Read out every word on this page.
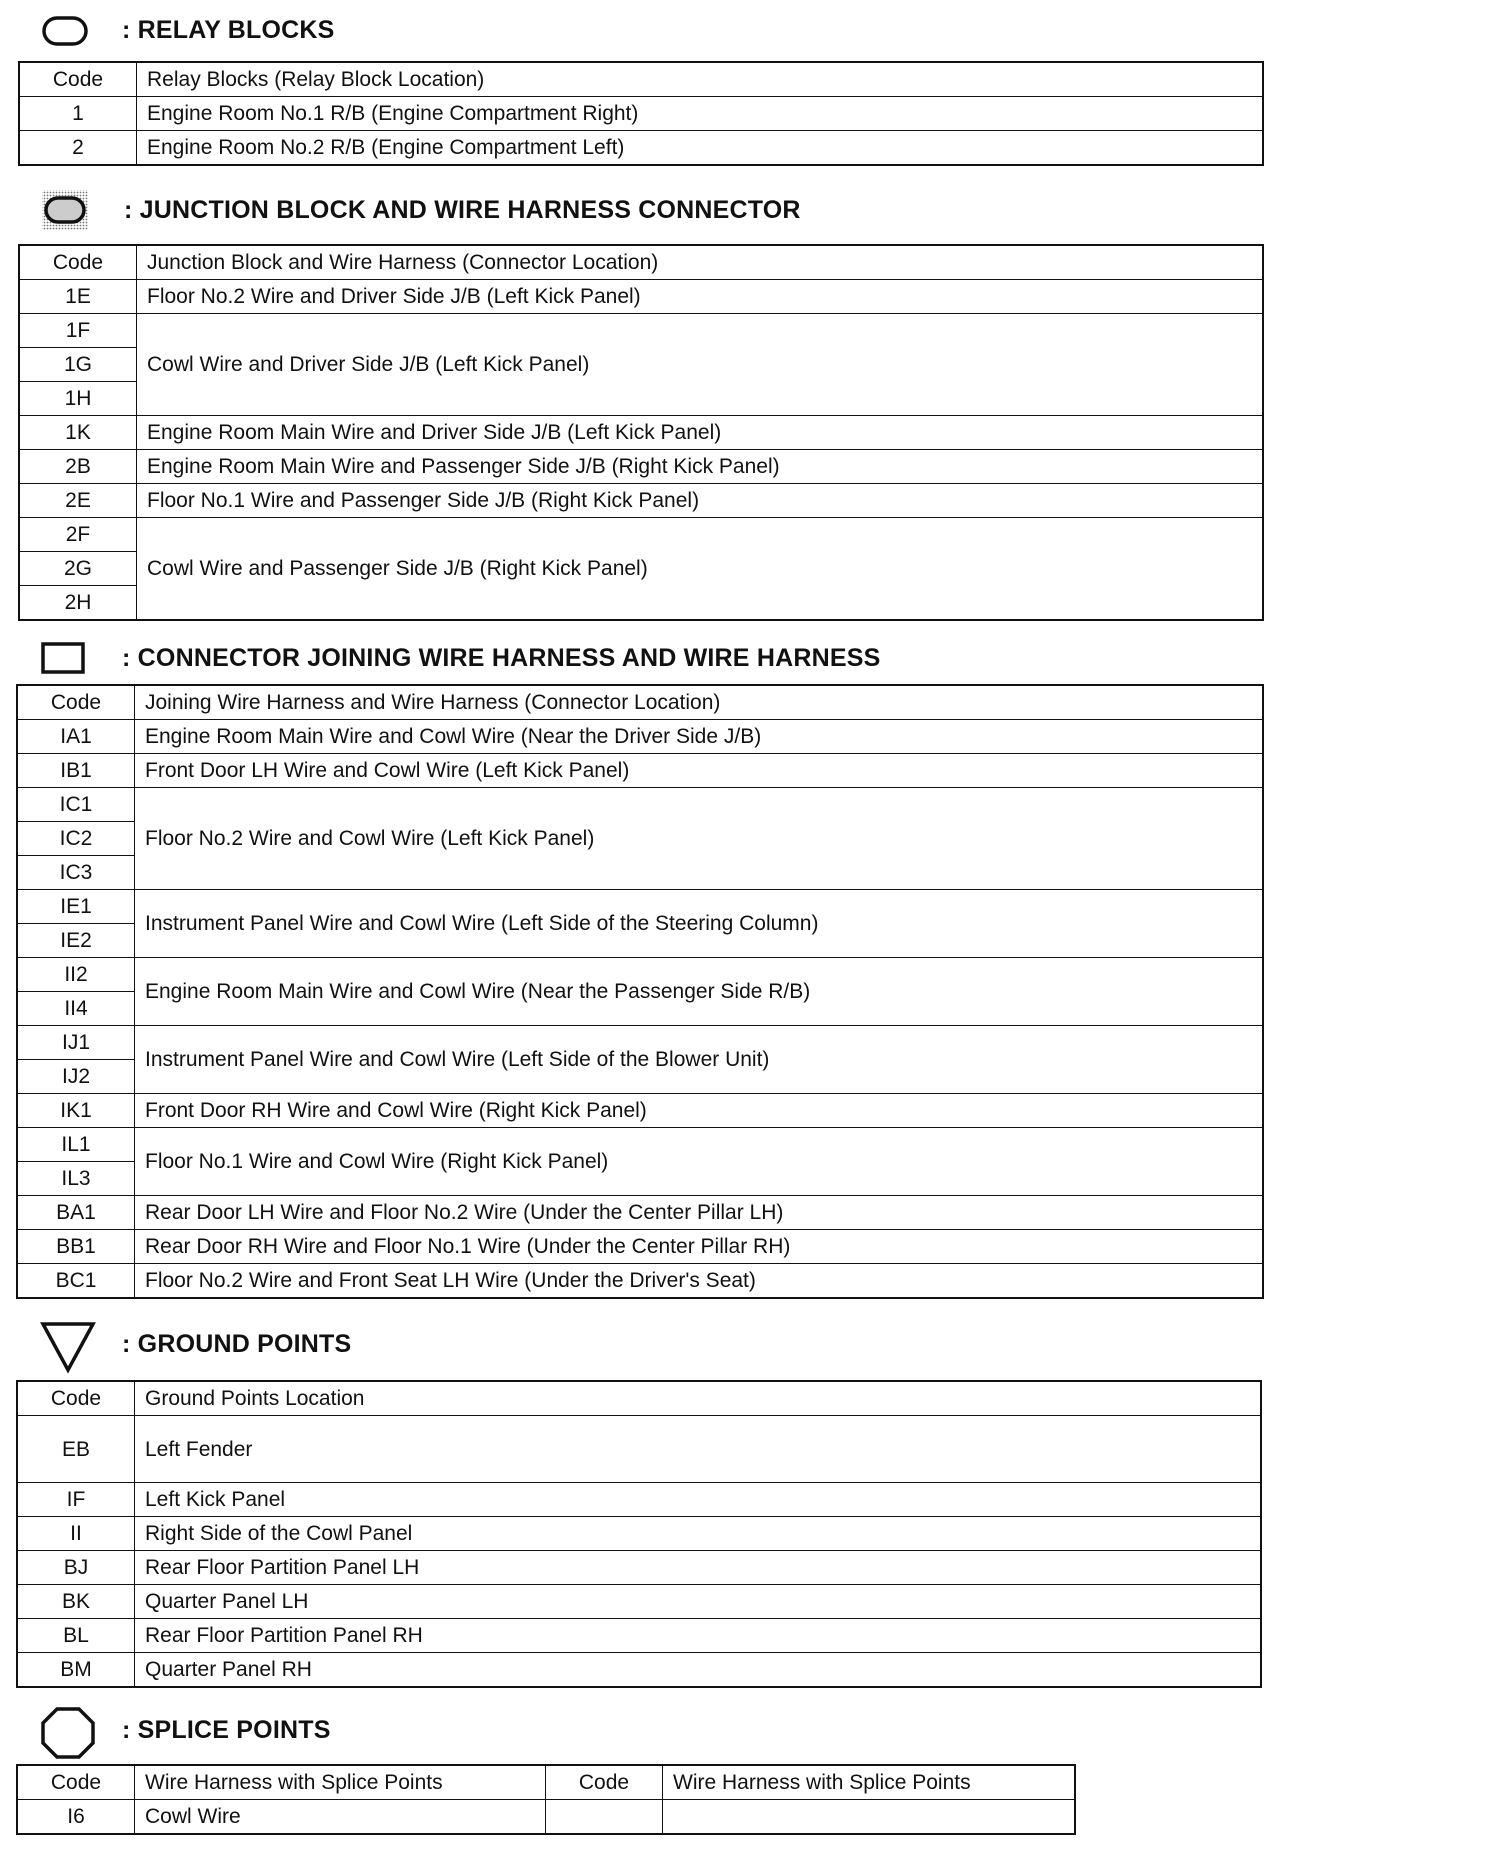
: RELAY BLOCKS
Code	Relay Blocks (Relay Block Location)
1	Engine Room No.1 R/B (Engine Compartment Right)
2	Engine Room No.2 R/B (Engine Compartment Left)
: JUNCTION BLOCK AND WIRE HARNESS CONNECTOR
Code	Junction Block and Wire Harness (Connector Location)
1E	Floor No.2 Wire and Driver Side J/B (Left Kick Panel)
1F	Cowl Wire and Driver Side J/B (Left Kick Panel)
1G	
1H	
1K	Engine Room Main Wire and Driver Side J/B (Left Kick Panel)
2B	Engine Room Main Wire and Passenger Side J/B (Right Kick Panel)
2E	Floor No.1 Wire and Passenger Side J/B (Right Kick Panel)
2F	Cowl Wire and Passenger Side J/B (Right Kick Panel)
2G	
2H	
: CONNECTOR JOINING WIRE HARNESS AND WIRE HARNESS
Code	Joining Wire Harness and Wire Harness (Connector Location)
IA1	Engine Room Main Wire and Cowl Wire (Near the Driver Side J/B)
IB1	Front Door LH Wire and Cowl Wire (Left Kick Panel)
IC1	Floor No.2 Wire and Cowl Wire (Left Kick Panel)
IC2	
IC3	
IE1	Instrument Panel Wire and Cowl Wire (Left Side of the Steering Column)
IE2	
II2	Engine Room Main Wire and Cowl Wire (Near the Passenger Side R/B)
II4	
IJ1	Instrument Panel Wire and Cowl Wire (Left Side of the Blower Unit)
IJ2	
IK1	Front Door RH Wire and Cowl Wire (Right Kick Panel)
IL1	Floor No.1 Wire and Cowl Wire (Right Kick Panel)
IL3	
BA1	Rear Door LH Wire and Floor No.2 Wire (Under the Center Pillar LH)
BB1	Rear Door RH Wire and Floor No.1 Wire (Under the Center Pillar RH)
BC1	Floor No.2 Wire and Front Seat LH Wire (Under the Driver's Seat)
: GROUND POINTS
Code	Ground Points Location
EB	Left Fender
IF	Left Kick Panel
II	Right Side of the Cowl Panel
BJ	Rear Floor Partition Panel LH
BK	Quarter Panel LH
BL	Rear Floor Partition Panel RH
BM	Quarter Panel RH
: SPLICE POINTS
Code	Wire Harness with Splice Points	Code	Wire Harness with Splice Points
I6	Cowl Wire		
